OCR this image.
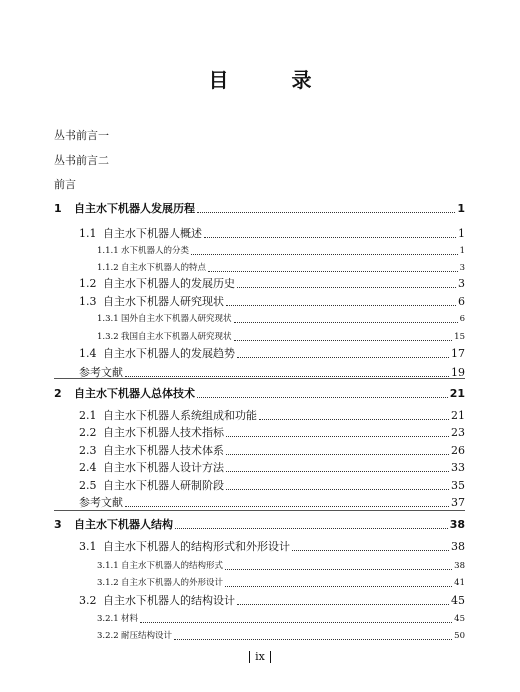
目 录
丛书前言一
丛书前言二
前言
1	自主水下机器人发展历程	1
1.1 自主水下机器人概述	1
1.1.1 水下机器人的分类	1
1.1.2 自主水下机器人的特点	3
1.2 自主水下机器人的发展历史	3
1.3 自主水下机器人研究现状	6
1.3.1 国外自主水下机器人研究现状	6
1.3.2 我国自主水下机器人研究现状	15
1.4 自主水下机器人的发展趋势	17
参考文献	19
2	自主水下机器人总体技术	21
2.1 自主水下机器人系统组成和功能	21
2.2 自主水下机器人技术指标	23
2.3 自主水下机器人技术体系	26
2.4 自主水下机器人设计方法	33
2.5 自主水下机器人研制阶段	35
参考文献	37
3	自主水下机器人结构	38
3.1 自主水下机器人的结构形式和外形设计	38
3.1.1 自主水下机器人的结构形式	38
3.1.2 自主水下机器人的外形设计	41
3.2 自主水下机器人的结构设计	45
3.2.1 材料	45
3.2.2 耐压结构设计	50
ix
